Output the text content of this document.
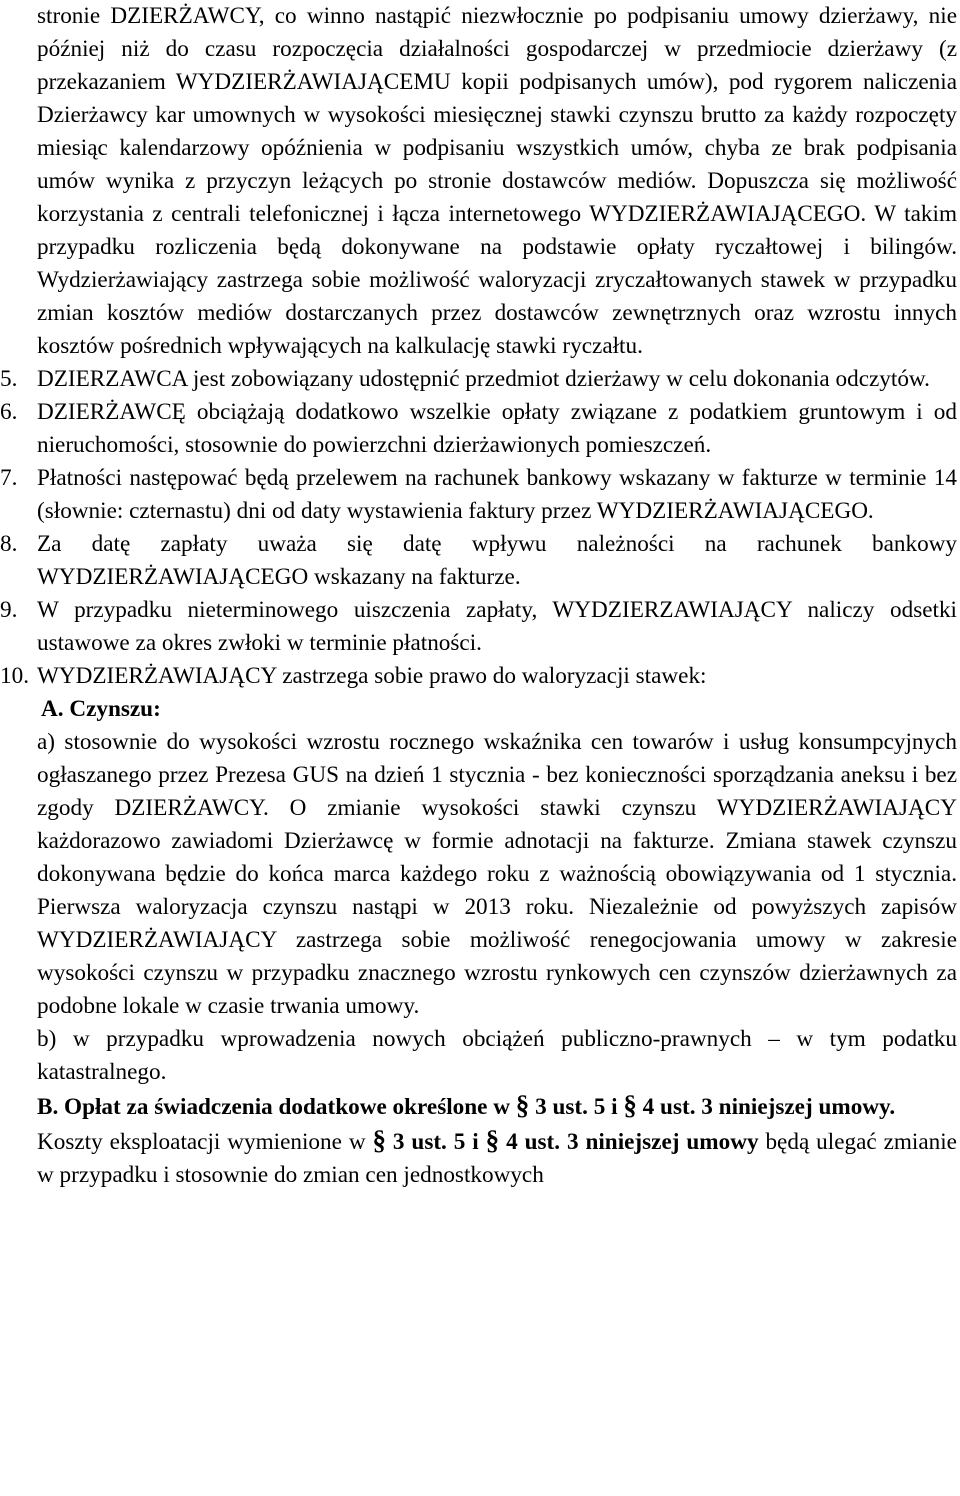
stronie DZIERŻAWCY, co winno nastąpić niezwłocznie po podpisaniu umowy dzierżawy, nie później niż do czasu rozpoczęcia działalności gospodarczej w przedmiocie dzierżawy (z przekazaniem WYDZIERŻAWIAJĄCEMU kopii podpisanych umów), pod rygorem naliczenia Dzierżawcy kar umownych w wysokości miesięcznej stawki czynszu brutto za każdy rozpoczęty miesiąc kalendarzowy opóźnienia w podpisaniu wszystkich umów, chyba ze brak podpisania umów wynika z przyczyn leżących po stronie dostawców mediów. Dopuszcza się możliwość korzystania z centrali telefonicznej i łącza internetowego WYDZIERŻAWIAJĄCEGO. W takim przypadku rozliczenia będą dokonywane na podstawie opłaty ryczałtowej i bilingów. Wydzierżawiający zastrzega sobie możliwość waloryzacji zryczałtowanych stawek w przypadku zmian kosztów mediów dostarczanych przez dostawców zewnętrznych oraz wzrostu innych kosztów pośrednich wpływających na kalkulację stawki ryczałtu.

5. DZIERZAWCA jest zobowiązany udostępnić przedmiot dzierżawy w celu dokonania odczytów.

6. DZIERŻAWCĘ obciążają dodatkowo wszelkie opłaty związane z podatkiem gruntowym i od nieruchomości, stosownie do powierzchni dzierżawionych pomieszczeń.

7. Płatności następować będą przelewem na rachunek bankowy wskazany w fakturze w terminie 14 (słownie: czternastu) dni od daty wystawienia faktury przez WYDZIERŻAWIAJĄCEGO.

8. Za datę zapłaty uważa się datę wpływu należności na rachunek bankowy WYDZIERŻAWIAJĄCEGO wskazany na fakturze.

9. W przypadku nieterminowego uiszczenia zapłaty, WYDZIERZAWIAJĄCY naliczy odsetki ustawowe za okres zwłoki w terminie płatności.

10. WYDZIERŻAWIAJĄCY zastrzega sobie prawo do waloryzacji stawek:

A. Czynszu:

a) stosownie do wysokości wzrostu rocznego wskaźnika cen towarów i usług konsumpcyjnych ogłaszanego przez Prezesa GUS na dzień 1 stycznia - bez konieczności sporządzania aneksu i bez zgody DZIERŻAWCY. O zmianie wysokości stawki czynszu WYDZIERŻAWIAJĄCY każdorazowo zawiadomi Dzierżawcę w formie adnotacji na fakturze. Zmiana stawek czynszu dokonywana będzie do końca marca każdego roku z ważnością obowiązywania od 1 stycznia. Pierwsza waloryzacja czynszu nastąpi w 2013 roku. Niezależnie od powyższych zapisów WYDZIERŻAWIAJĄCY zastrzega sobie możliwość renegocjowania umowy w zakresie wysokości czynszu w przypadku znacznego wzrostu rynkowych cen czynszów dzierżawnych za podobne lokale w czasie trwania umowy.

b) w przypadku wprowadzenia nowych obciążeń publiczno-prawnych – w tym podatku katastralnego.

B. Opłat za świadczenia dodatkowe określone w § 3 ust. 5 i § 4 ust. 3 niniejszej umowy.

Koszty eksploatacji wymienione w § 3 ust. 5 i § 4 ust. 3 niniejszej umowy będą ulegać zmianie w przypadku i stosownie do zmian cen jednostkowych
